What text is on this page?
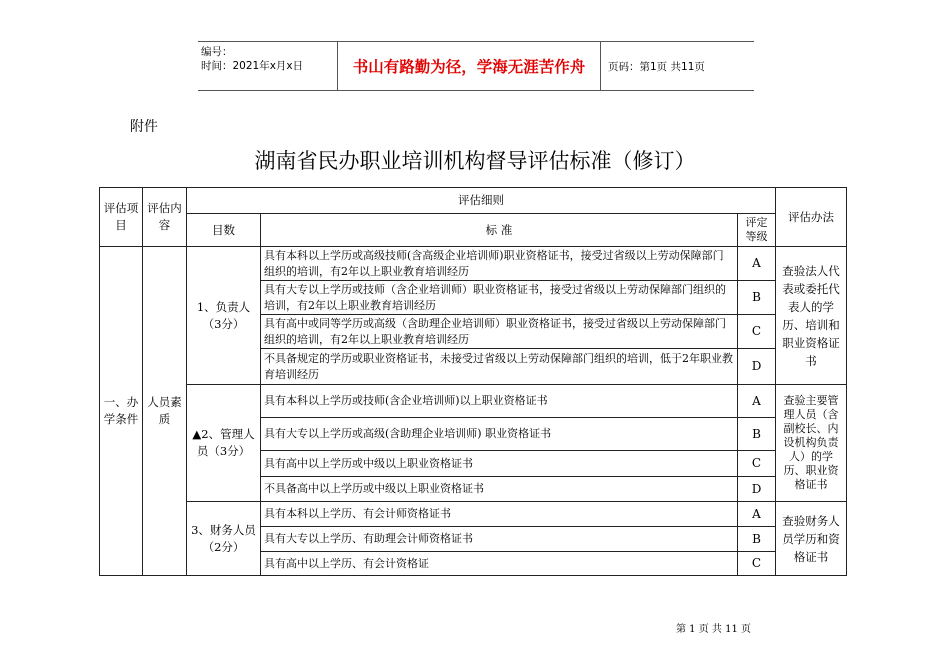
编号：
时间：2021年x月x日	书山有路勤为径，学海无涯苦作舟	页码：第1页 共11页
附件
湖南省民办职业培训机构督导评估标准（修订）
评估项目	评估内容	评估细则			评估办法
		目数	标 准	评定等级	
一、办学条件	人员素质	1、负责人（3分）	具有本科以上学历或高级技师(含高级企业培训师)职业资格证书，接受过省级以上劳动保障部门组织的培训，有2年以上职业教育培训经历	A	查验法人代表或委托代表人的学历、培训和职业资格证书
			具有大专以上学历或技师（含企业培训师）职业资格证书，接受过省级以上劳动保障部门组织的培训，有2年以上职业教育培训经历	B	
			具有高中或同等学历或高级（含助理企业培训师）职业资格证书，接受过省级以上劳动保障部门组织的培训，有2年以上职业教育培训经历	C	
			不具备规定的学历或职业资格证书，未接受过省级以上劳动保障部门组织的培训，低于2年职业教育培训经历	D	
		▲2、管理人员（3分）	具有本科以上学历或技师(含企业培训师)以上职业资格证书	A	查验主要管理人员（含副校长、内设机构负责人）的学历、职业资格证书
			具有大专以上学历或高级(含助理企业培训师) 职业资格证书	B	
			具有高中以上学历或中级以上职业资格证书	C	
			不具备高中以上学历或中级以上职业资格证书	D	
		3、财务人员（2分）	具有本科以上学历、有会计师资格证书	A	查验财务人员学历和资格证书
			具有大专以上学历、有助理会计师资格证书	B	
			具有高中以上学历、有会计资格证	C	
第 1 页 共 11 页
